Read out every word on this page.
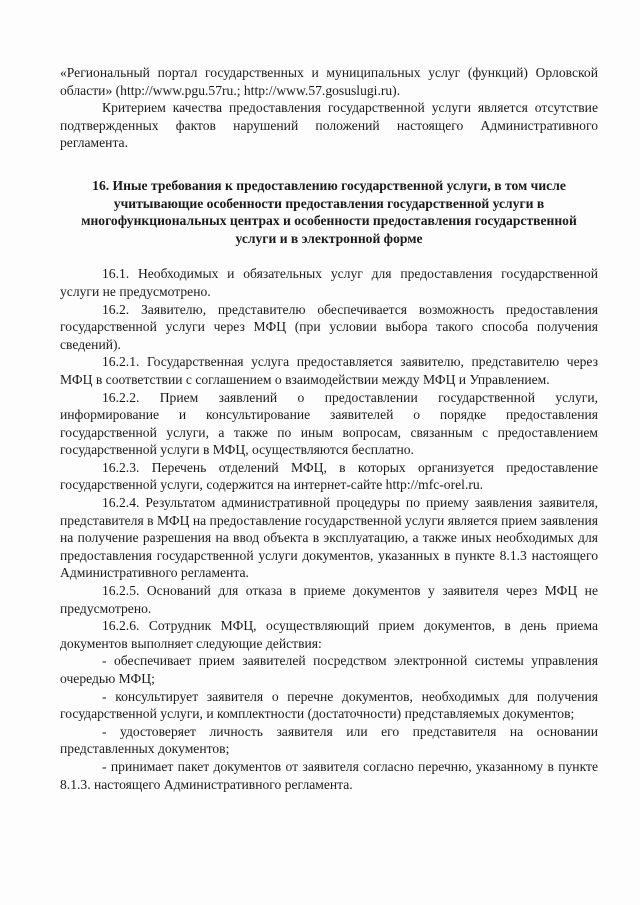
«Региональный портал государственных и муниципальных услуг (функций) Орловской области» (http://www.pgu.57ru.; http://www.57.gosuslugi.ru).

Критерием качества предоставления государственной услуги является отсутствие подтвержденных фактов нарушений положений настоящего Административного регламента.

16. Иные требования к предоставлению государственной услуги, в том числе учитывающие особенности предоставления государственной услуги в многофункциональных центрах и особенности предоставления государственной услуги и в электронной форме

16.1. Необходимых и обязательных услуг для предоставления государственной услуги не предусмотрено.

16.2. Заявителю, представителю обеспечивается возможность предоставления государственной услуги через МФЦ (при условии выбора такого способа получения сведений).

16.2.1. Государственная услуга предоставляется заявителю, представителю через МФЦ в соответствии с соглашением о взаимодействии между МФЦ и Управлением.

16.2.2. Прием заявлений о предоставлении государственной услуги, информирование и консультирование заявителей о порядке предоставления государственной услуги, а также по иным вопросам, связанным с предоставлением государственной услуги в МФЦ, осуществляются бесплатно.

16.2.3. Перечень отделений МФЦ, в которых организуется предоставление государственной услуги, содержится на интернет-сайте http://mfc-orel.ru.

16.2.4. Результатом административной процедуры по приему заявления заявителя, представителя в МФЦ на предоставление государственной услуги является прием заявления на получение разрешения на ввод объекта в эксплуатацию, а также иных необходимых для предоставления государственной услуги документов, указанных в пункте 8.1.3 настоящего Административного регламента.

16.2.5. Оснований для отказа в приеме документов у заявителя через МФЦ не предусмотрено.

16.2.6. Сотрудник МФЦ, осуществляющий прием документов, в день приема документов выполняет следующие действия:

- обеспечивает прием заявителей посредством электронной системы управления очередью МФЦ;

- консультирует заявителя о перечне документов, необходимых для получения государственной услуги, и комплектности (достаточности) представляемых документов;

- удостоверяет личность заявителя или его представителя на основании представленных документов;

- принимает пакет документов от заявителя согласно перечню, указанному в пункте 8.1.3. настоящего Административного регламента.
